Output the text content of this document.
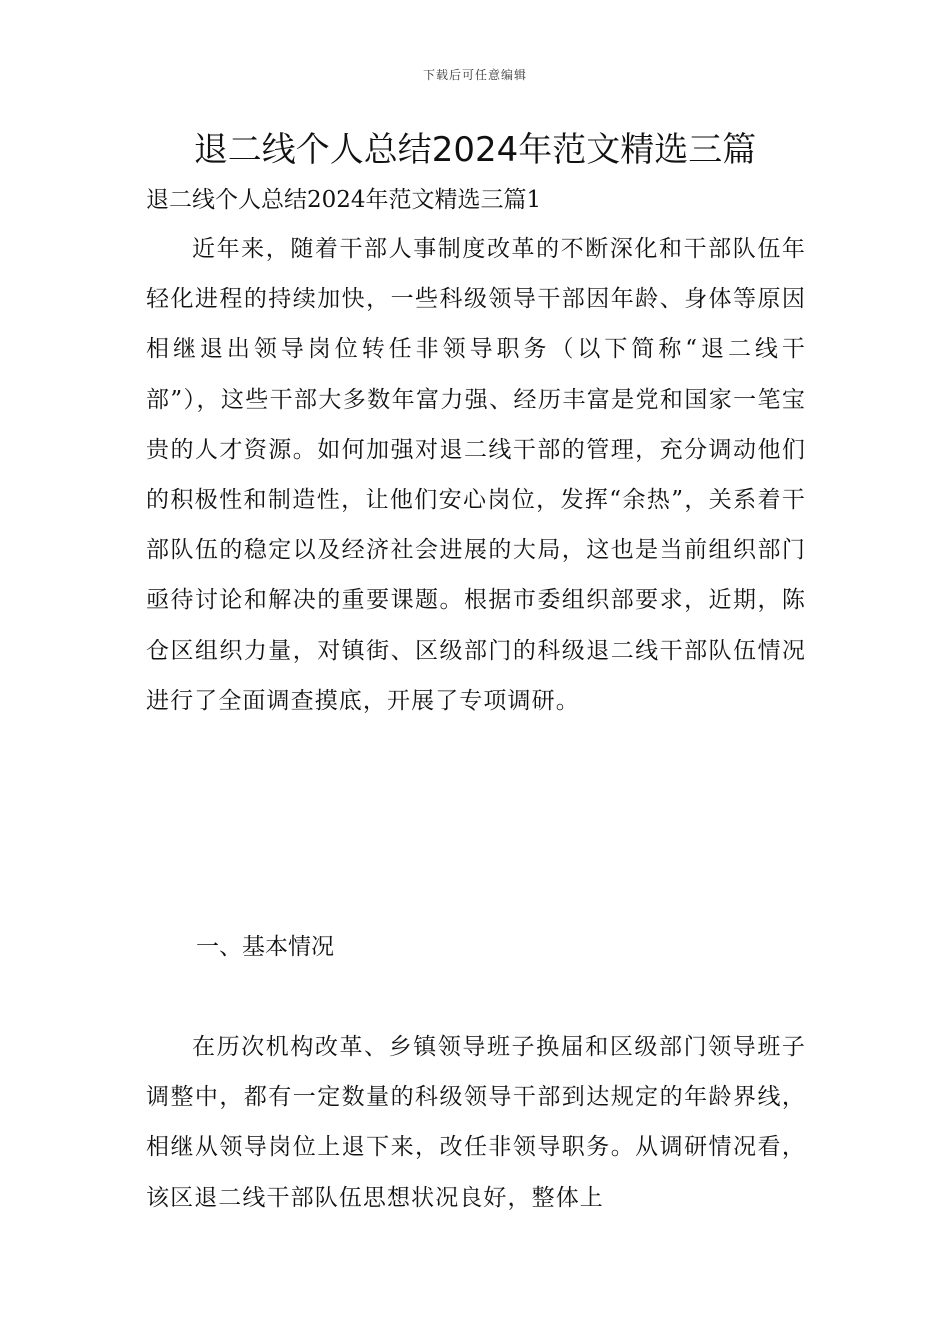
下载后可任意编辑
退二线个人总结2024年范文精选三篇

退二线个人总结2024年范文精选三篇1

近年来，随着干部人事制度改革的不断深化和干部队伍年轻化进程的持续加快，一些科级领导干部因年龄、身体等原因相继退出领导岗位转任非领导职务（以下简称“退二线干部”），这些干部大多数年富力强、经历丰富是党和国家一笔宝贵的人才资源。如何加强对退二线干部的管理，充分调动他们的积极性和制造性，让他们安心岗位，发挥“余热”，关系着干部队伍的稳定以及经济社会进展的大局，这也是当前组织部门亟待讨论和解决的重要课题。根据市委组织部要求，近期，陈仓区组织力量，对镇街、区级部门的科级退二线干部队伍情况进行了全面调查摸底，开展了专项调研。

一、基本情况

在历次机构改革、乡镇领导班子换届和区级部门领导班子调整中，都有一定数量的科级领导干部到达规定的年龄界线，相继从领导岗位上退下来，改任非领导职务。从调研情况看，该区退二线干部队伍思想状况良好，整体上
